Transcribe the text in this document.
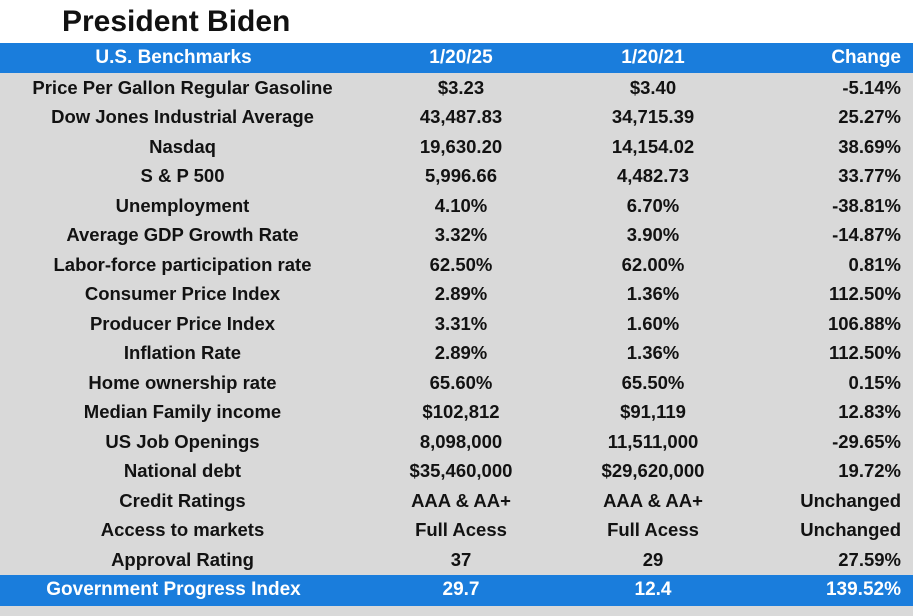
President Biden
U.S. Benchmarks	1/20/25	1/20/21	Change
Price Per Gallon Regular Gasoline	$3.23	$3.40	-5.14%
Dow Jones Industrial Average	43,487.83	34,715.39	25.27%
Nasdaq	19,630.20	14,154.02	38.69%
S & P 500	5,996.66	4,482.73	33.77%
Unemployment	4.10%	6.70%	-38.81%
Average GDP Growth Rate	3.32%	3.90%	-14.87%
Labor-force participation rate	62.50%	62.00%	0.81%
Consumer Price Index	2.89%	1.36%	112.50%
Producer Price Index	3.31%	1.60%	106.88%
Inflation Rate	2.89%	1.36%	112.50%
Home ownership rate	65.60%	65.50%	0.15%
Median Family income	$102,812	$91,119	12.83%
US Job Openings	8,098,000	11,511,000	-29.65%
National debt	$35,460,000	$29,620,000	19.72%
Credit Ratings	AAA & AA+	AAA & AA+	Unchanged
Access to markets	Full Acess	Full Acess	Unchanged
Approval Rating	37	29	27.59%
Government Progress Index	29.7	12.4	139.52%
